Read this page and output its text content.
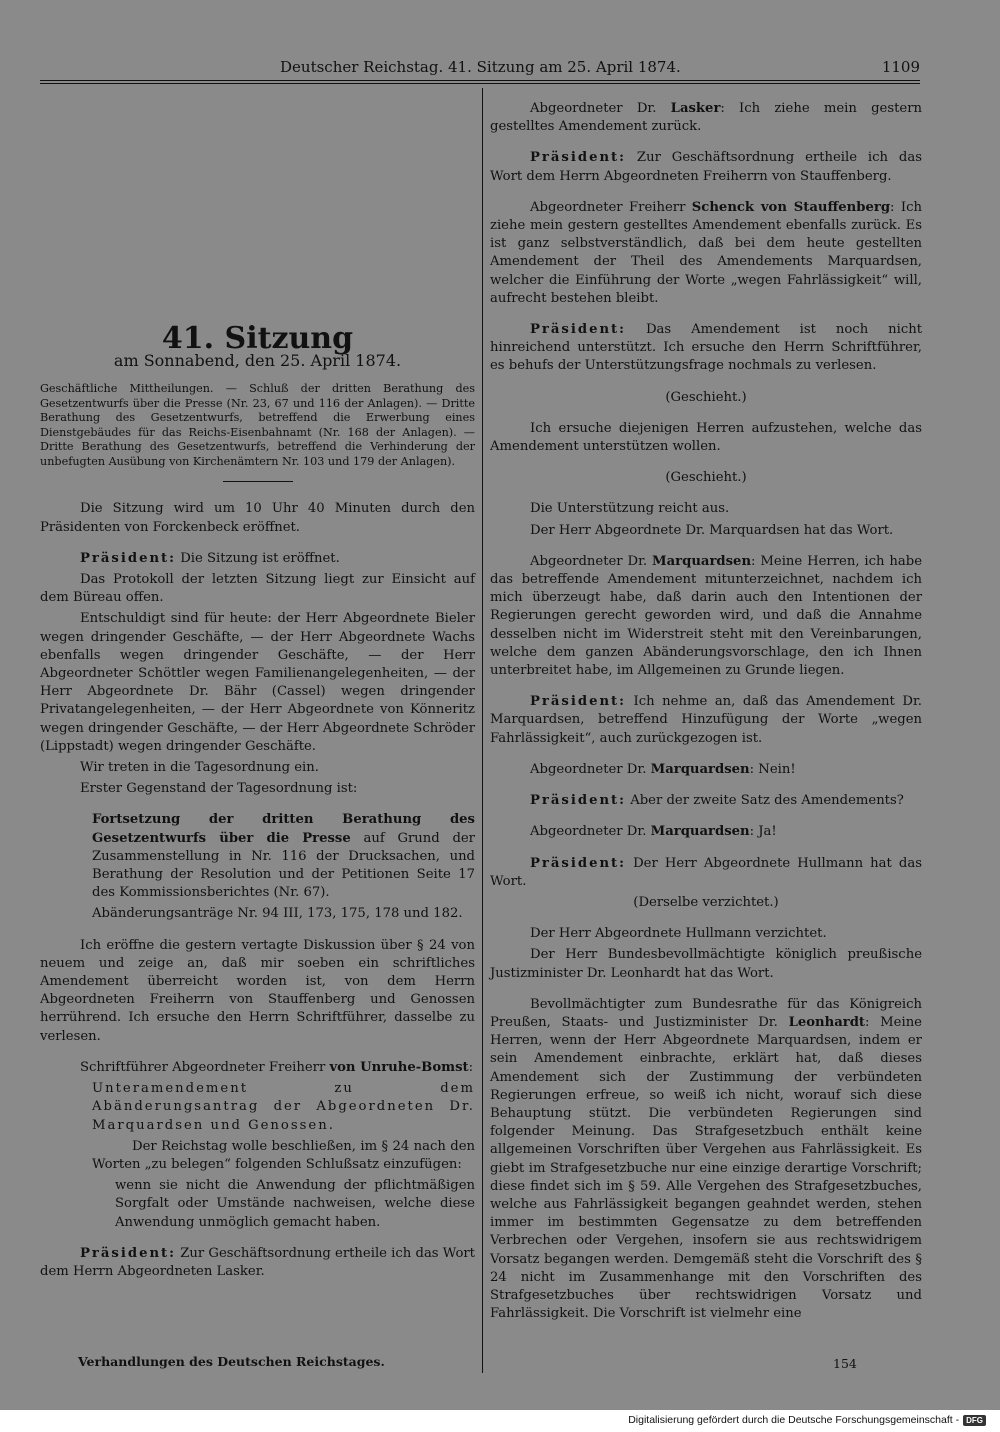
Deutscher Reichstag. 41. Sitzung am 25. April 1874.	1109
41. Sitzung
am Sonnabend, den 25. April 1874.
Geschäftliche Mittheilungen. — Schluß der dritten Berathung des Gesetzentwurfs über die Presse (Nr. 23, 67 und 116 der Anlagen). — Dritte Berathung des Gesetzentwurfs, betreffend die Erwerbung eines Dienstgebäudes für das Reichs-Eisenbahnamt (Nr. 168 der Anlagen). — Dritte Berathung des Gesetzentwurfs, betreffend die Verhinderung der unbefugten Ausübung von Kirchenämtern Nr. 103 und 179 der Anlagen).

Die Sitzung wird um 10 Uhr 40 Minuten durch den Präsidenten von Forckenbeck eröffnet.

Präsident: Die Sitzung ist eröffnet.

Das Protokoll der letzten Sitzung liegt zur Einsicht auf dem Büreau offen.

Entschuldigt sind für heute: der Herr Abgeordnete Bieler wegen dringender Geschäfte, — der Herr Abgeordnete Wachs ebenfalls wegen dringender Geschäfte, — der Herr Abgeordneter Schöttler wegen Familienangelegenheiten, — der Herr Abgeordnete Dr. Bähr (Cassel) wegen dringender Privatangelegenheiten, — der Herr Abgeordnete von Könneritz wegen dringender Geschäfte, — der Herr Abgeordnete Schröder (Lippstadt) wegen dringender Geschäfte.

Wir treten in die Tagesordnung ein.

Erster Gegenstand der Tagesordnung ist:

Fortsetzung der dritten Berathung des Gesetzentwurfs über die Presse auf Grund der Zusammenstellung in Nr. 116 der Drucksachen, und Berathung der Resolution und der Petitionen Seite 17 des Kommissionsberichtes (Nr. 67).

Abänderungsanträge Nr. 94 III, 173, 175, 178 und 182.

Ich eröffne die gestern vertagte Diskussion über § 24 von neuem und zeige an, daß mir soeben ein schriftliches Amendement überreicht worden ist, von dem Herrn Abgeordneten Freiherrn von Stauffenberg und Genossen herrührend. Ich ersuche den Herrn Schriftführer, dasselbe zu verlesen.

Schriftführer Abgeordneter Freiherr von Unruhe-Bomst:

Unteramendement zu dem Abänderungsantrag der Abgeordneten Dr. Marquardsen und Genossen.

Der Reichstag wolle beschließen, im § 24 nach den Worten „zu belegen“ folgenden Schlußsatz einzufügen:

wenn sie nicht die Anwendung der pflichtmäßigen Sorgfalt oder Umstände nachweisen, welche diese Anwendung unmöglich gemacht haben.

Präsident: Zur Geschäftsordnung ertheile ich das Wort dem Herrn Abgeordneten Lasker.

Abgeordneter Dr. Lasker: Ich ziehe mein gestern gestelltes Amendement zurück.

Präsident: Zur Geschäftsordnung ertheile ich das Wort dem Herrn Abgeordneten Freiherrn von Stauffenberg.

Abgeordneter Freiherr Schenck von Stauffenberg: Ich ziehe mein gestern gestelltes Amendement ebenfalls zurück. Es ist ganz selbstverständlich, daß bei dem heute gestellten Amendement der Theil des Amendements Marquardsen, welcher die Einführung der Worte „wegen Fahrlässigkeit“ will, aufrecht bestehen bleibt.

Präsident: Das Amendement ist noch nicht hinreichend unterstützt. Ich ersuche den Herrn Schriftführer, es behufs der Unterstützungsfrage nochmals zu verlesen.

(Geschieht.)

Ich ersuche diejenigen Herren aufzustehen, welche das Amendement unterstützen wollen.

(Geschieht.)

Die Unterstützung reicht aus.

Der Herr Abgeordnete Dr. Marquardsen hat das Wort.

Abgeordneter Dr. Marquardsen: Meine Herren, ich habe das betreffende Amendement mitunterzeichnet, nachdem ich mich überzeugt habe, daß darin auch den Intentionen der Regierungen gerecht geworden wird, und daß die Annahme desselben nicht im Widerstreit steht mit den Vereinbarungen, welche dem ganzen Abänderungsvorschlage, den ich Ihnen unterbreitet habe, im Allgemeinen zu Grunde liegen.

Präsident: Ich nehme an, daß das Amendement Dr. Marquardsen, betreffend Hinzufügung der Worte „wegen Fahrlässigkeit“, auch zurückgezogen ist.

Abgeordneter Dr. Marquardsen: Nein!

Präsident: Aber der zweite Satz des Amendements?

Abgeordneter Dr. Marquardsen: Ja!

Präsident: Der Herr Abgeordnete Hullmann hat das Wort.

(Derselbe verzichtet.)

Der Herr Abgeordnete Hullmann verzichtet.

Der Herr Bundesbevollmächtigte königlich preußische Justizminister Dr. Leonhardt hat das Wort.

Bevollmächtigter zum Bundesrathe für das Königreich Preußen, Staats- und Justizminister Dr. Leonhardt: Meine Herren, wenn der Herr Abgeordnete Marquardsen, indem er sein Amendement einbrachte, erklärt hat, daß dieses Amendement sich der Zustimmung der verbündeten Regierungen erfreue, so weiß ich nicht, worauf sich diese Behauptung stützt. Die verbündeten Regierungen sind folgender Meinung. Das Strafgesetzbuch enthält keine allgemeinen Vorschriften über Vergehen aus Fahrlässigkeit. Es giebt im Strafgesetzbuche nur eine einzige derartige Vorschrift; diese findet sich im § 59. Alle Vergehen des Strafgesetzbuches, welche aus Fahrlässigkeit begangen geahndet werden, stehen immer im bestimmten Gegensatze zu dem betreffenden Verbrechen oder Vergehen, insofern sie aus rechtswidrigem Vorsatz begangen werden. Demgemäß steht die Vorschrift des § 24 nicht im Zusammenhange mit den Vorschriften des Strafgesetzbuches über rechtswidrigen Vorsatz und Fahrlässigkeit. Die Vorschrift ist vielmehr eine

Verhandlungen des Deutschen Reichstages.	154
Digitalisierung gefördert durch die Deutsche Forschungsgemeinschaft - DFG
